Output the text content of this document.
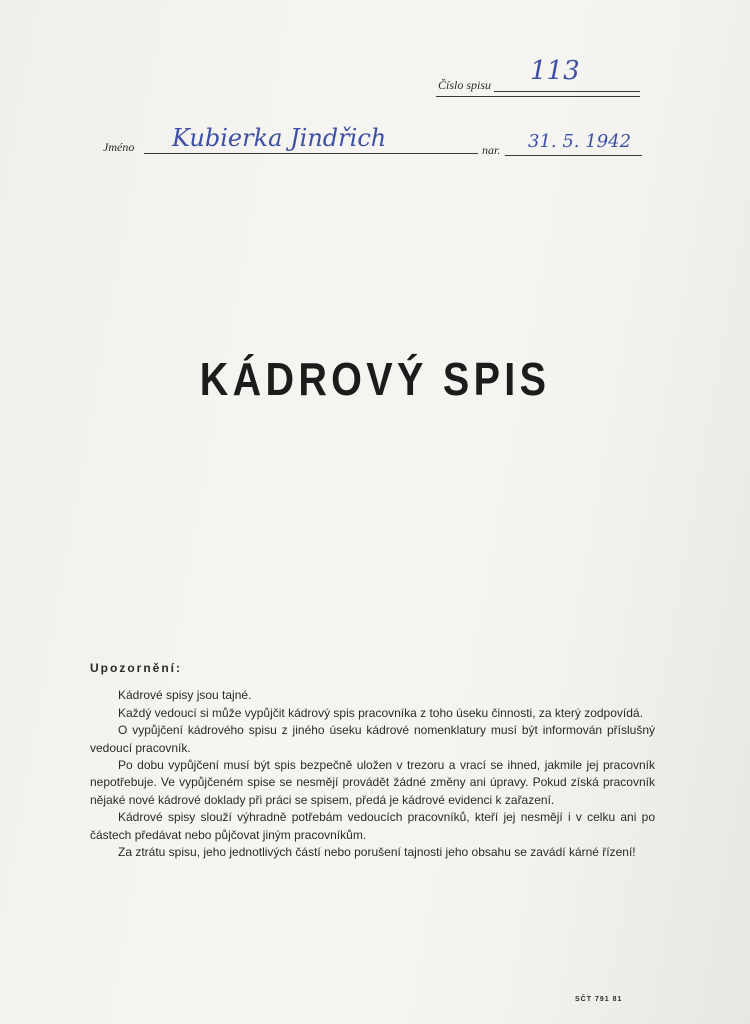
Číslo spisu 113
Jméno Kubierka Jindřich	nar. 31. 5. 1942
KÁDROVÝ SPIS
Upozornění:
Kádrové spisy jsou tajné.
Každý vedoucí si může vypůjčit kádrový spis pracovníka z toho úseku činnosti, za který zodpovídá.
O vypůjčení kádrového spisu z jiného úseku kádrové nomenklatury musí být informován příslušný vedoucí pracovník.
Po dobu vypůjčení musí být spis bezpečně uložen v trezoru a vrací se ihned, jakmile jej pracovník nepotřebuje. Ve vypůjčeném spise se nesmějí provádět žádné změny ani úpravy. Pokud získá pracovník nějaké nové kádrové doklady při práci se spisem, předá je kádrové evidenci k zařazení.
Kádrové spisy slouží výhradně potřebám vedoucích pracovníků, kteří jej nesmějí i v celku ani po částech předávat nebo půjčovat jiným pracovníkům.
Za ztrátu spisu, jeho jednotlivých částí nebo porušení tajnosti jeho obsahu se zavádí kárné řízení!
SČT 791 81
